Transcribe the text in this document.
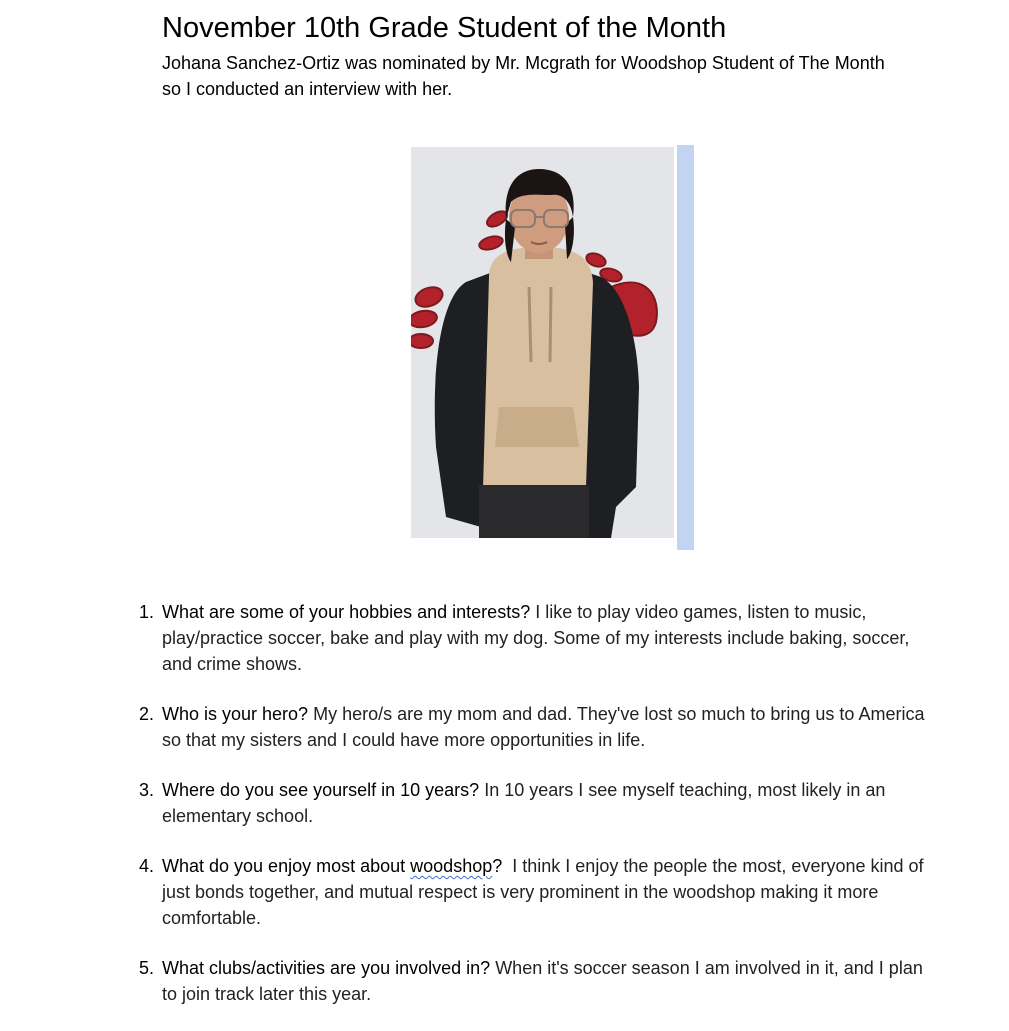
November 10th Grade Student of the Month

Johana Sanchez-Ortiz was nominated by Mr. Mcgrath for Woodshop Student of The Month so I conducted an interview with her.

1. What are some of your hobbies and interests? I like to play video games, listen to music, play/practice soccer, bake and play with my dog. Some of my interests include baking, soccer, and crime shows.
2. Who is your hero? My hero/s are my mom and dad. They've lost so much to bring us to America so that my sisters and I could have more opportunities in life.
3. Where do you see yourself in 10 years? In 10 years I see myself teaching, most likely in an elementary school.
4. What do you enjoy most about woodshop? I think I enjoy the people the most, everyone kind of just bonds together, and mutual respect is very prominent in the woodshop making it more comfortable.
5. What clubs/activities are you involved in? When it's soccer season I am involved in it, and I plan to join track later this year.
